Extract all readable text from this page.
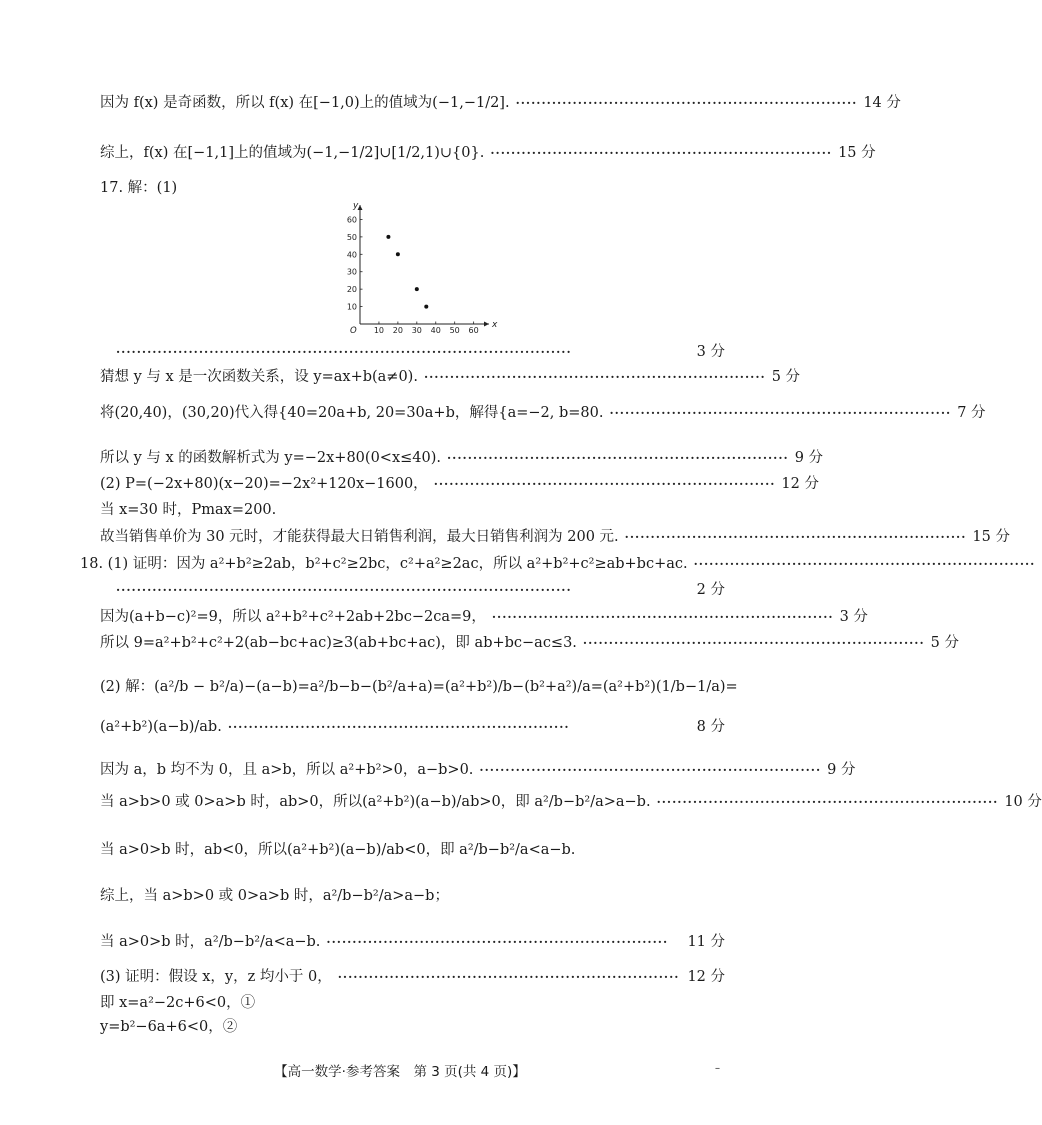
因为 f(x) 是奇函数，所以 f(x) 在[−1,0)上的值域为(−1,−1/2]. ·································································· 14 分
综上，f(x) 在[−1,1]上的值域为(−1,−1/2]∪[1/2,1)∪{0}. ·································································· 15 分
17. 解：(1)
x
y
O 10 20 30 40 50 60
10
20
30
40
50
60
························································································	3 分
猜想 y 与 x 是一次函数关系，设 y=ax+b(a≠0). ·································································· 5 分
将(20,40)，(30,20)代入得{40=20a+b, 20=30a+b，解得{a=−2, b=80. ·································································· 7 分
所以 y 与 x 的函数解析式为 y=−2x+80(0<x≤40). ·································································· 9 分
(2) P=(−2x+80)(x−20)=−2x²+120x−1600， ·································································· 12 分
当 x=30 时，Pmax=200.
故当销售单价为 30 元时，才能获得最大日销售利润，最大日销售利润为 200 元. ·································································· 15 分
18. (1) 证明：因为 a²+b²≥2ab，b²+c²≥2bc，c²+a²≥2ac，所以 a²+b²+c²≥ab+bc+ac. ··································································
························································································	2 分
因为(a+b−c)²=9，所以 a²+b²+c²+2ab+2bc−2ca=9， ·································································· 3 分
所以 9=a²+b²+c²+2(ab−bc+ac)≥3(ab+bc+ac)，即 ab+bc−ac≤3. ·································································· 5 分
(2) 解：(a²/b − b²/a)−(a−b)=a²/b−b−(b²/a+a)=(a²+b²)/b−(b²+a²)/a=(a²+b²)(1/b−1/a)=
(a²+b²)(a−b)/ab. ··································································	8 分
因为 a，b 均不为 0，且 a>b，所以 a²+b²>0，a−b>0. ·································································· 9 分
当 a>b>0 或 0>a>b 时，ab>0，所以(a²+b²)(a−b)/ab>0，即 a²/b−b²/a>a−b. ·································································· 10 分
当 a>0>b 时，ab<0，所以(a²+b²)(a−b)/ab<0，即 a²/b−b²/a<a−b.
综上，当 a>b>0 或 0>a>b 时，a²/b−b²/a>a−b；
当 a>0>b 时，a²/b−b²/a<a−b. ··································································	11 分
(3) 证明：假设 x，y，z 均小于 0， ·································································· 12 分
即 x=a²−2c+6<0，①
y=b²−6a+6<0，②
【高一数学·参考答案　第 3 页(共 4 页)】	–
